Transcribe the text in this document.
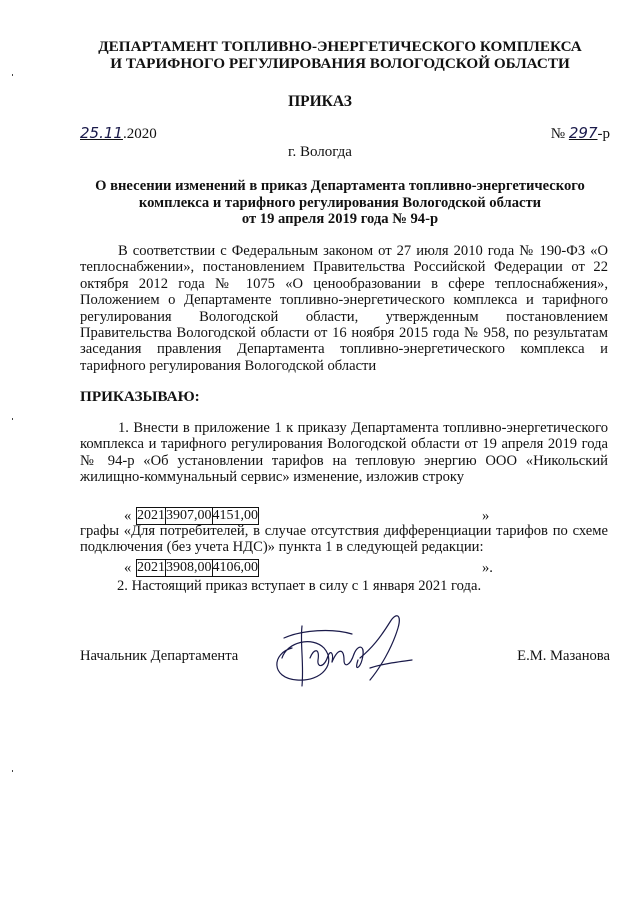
ДЕПАРТАМЕНТ ТОПЛИВНО-ЭНЕРГЕТИЧЕСКОГО КОМПЛЕКСА
И ТАРИФНОГО РЕГУЛИРОВАНИЯ ВОЛОГОДСКОЙ ОБЛАСТИ
ПРИКАЗ
25.11.2020	№ 297-р
г. Вологда
О внесении изменений в приказ Департамента топливно-энергетического
комплекса и тарифного регулирования Вологодской области
от 19 апреля 2019 года № 94-р

В соответствии с Федеральным законом от 27 июля 2010 года № 190-ФЗ «О теплоснабжении», постановлением Правительства Российской Федерации от 22 октября 2012 года № 1075 «О ценообразовании в сфере теплоснабжения», Положением о Департаменте топливно-энергетического комплекса и тарифного регулирования Вологодской области, утвержденным постановлением Правительства Вологодской области от 16 ноября 2015 года № 958, по результатам заседания правления Департамента топливно-энергетического комплекса и тарифного регулирования Вологодской области

ПРИКАЗЫВАЮ:

1. Внести в приложение 1 к приказу Департамента топливно-энергетического комплекса и тарифного регулирования Вологодской области от 19 апреля 2019 года № 94-р «Об установлении тарифов на тепловую энергию ООО «Никольский жилищно-коммунальный сервис» изменение, изложив строку

« 2021	3907,00	4151,00	»

графы «Для потребителей, в случае отсутствия дифференциации тарифов по схеме подключения (без учета НДС)» пункта 1 в следующей редакции:

« 2021	3908,00	4106,00	».
2. Настоящий приказ вступает в силу с 1 января 2021 года.
Начальник Департамента	Е.М. Мазанова
